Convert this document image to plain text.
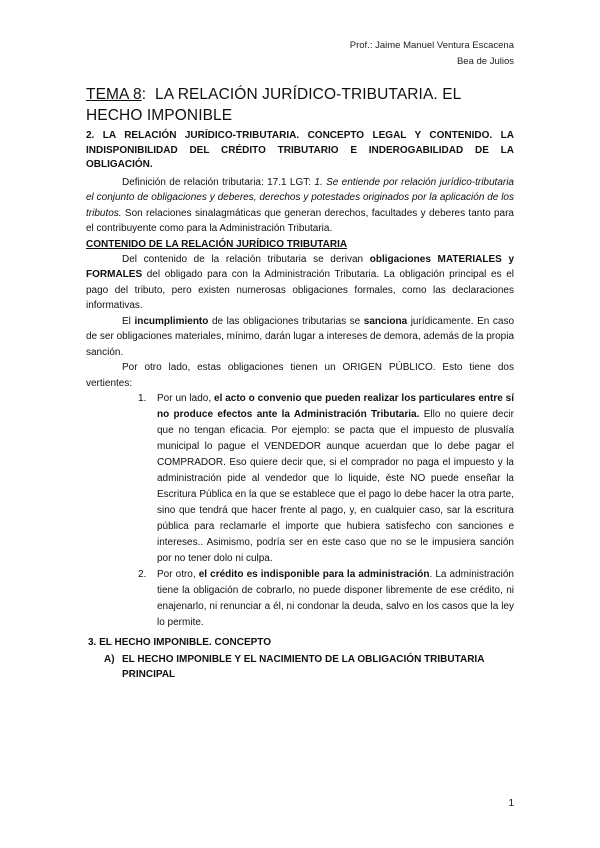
Prof.: Jaime Manuel Ventura Escacena
Bea de Julios
TEMA 8: LA RELACIÓN JURÍDICO-TRIBUTARIA. EL HECHO IMPONIBLE
2. LA RELACIÓN JURÍDICO-TRIBUTARIA. CONCEPTO LEGAL Y CONTENIDO. LA INDISPONIBILIDAD DEL CRÉDITO TRIBUTARIO E INDEROGABILIDAD DE LA OBLIGACIÓN.

Definición de relación tributaria: 17.1 LGT: 1. Se entiende por relación jurídico-tributaria el conjunto de obligaciones y deberes, derechos y potestades originados por la aplicación de los tributos. Son relaciones sinalagmáticas que generan derechos, facultades y deberes tanto para el contribuyente como para la Administración Tributaria.

CONTENIDO DE LA RELACIÓN JURÍDICO TRIBUTARIA

Del contenido de la relación tributaria se derivan obligaciones MATERIALES y FORMALES del obligado para con la Administración Tributaria. La obligación principal es el pago del tributo, pero existen numerosas obligaciones formales, como las declaraciones informativas.

El incumplimiento de las obligaciones tributarias se sanciona jurídicamente. En caso de ser obligaciones materiales, mínimo, darán lugar a intereses de demora, además de la propia sanción.

Por otro lado, estas obligaciones tienen un ORIGEN PÚBLICO. Esto tiene dos vertientes:

1. Por un lado, el acto o convenio que pueden realizar los particulares entre sí no produce efectos ante la Administración Tributaria. Ello no quiere decir que no tengan eficacia. Por ejemplo: se pacta que el impuesto de plusvalía municipal lo pague el VENDEDOR aunque acuerdan que lo debe pagar el COMPRADOR. Eso quiere decir que, si el comprador no paga el impuesto y la administración pide al vendedor que lo liquide, éste NO puede enseñar la Escritura Pública en la que se establece que el pago lo debe hacer la otra parte, sino que tendrá que hacer frente al pago, y, en cualquier caso, sar la escritura pública para reclamarle el importe que hubiera satisfecho con sanciones e intereses.. Asimismo, podría ser en este caso que no se le impusiera sanción por no tener dolo ni culpa.
2. Por otro, el crédito es indisponible para la administración. La administración tiene la obligación de cobrarlo, no puede disponer libremente de ese crédito, ni enajenarlo, ni renunciar a él, ni condonar la deuda, salvo en los casos que la ley lo permite.
3. EL HECHO IMPONIBLE. CONCEPTO
A) EL HECHO IMPONIBLE Y EL NACIMIENTO DE LA OBLIGACIÓN TRIBUTARIA PRINCIPAL
1
